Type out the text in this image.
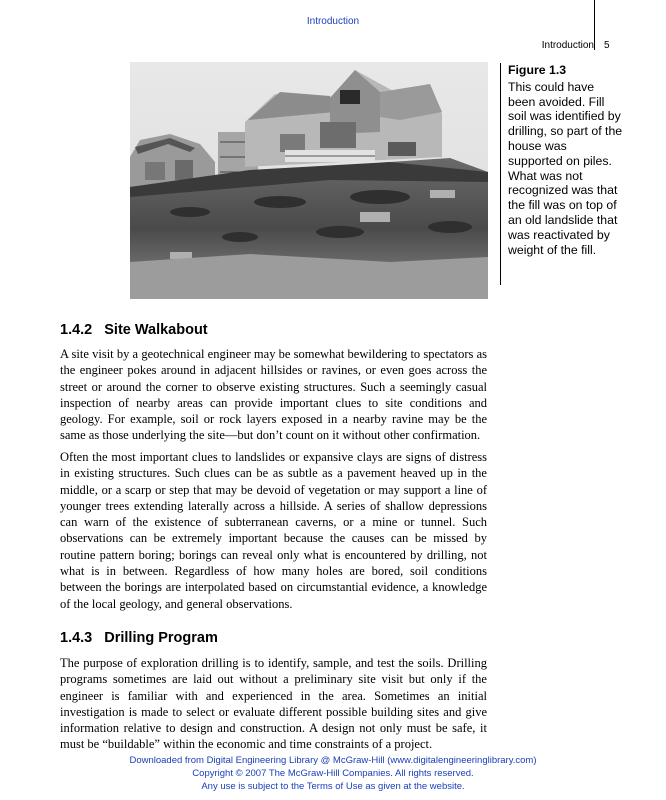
Introduction
Introduction 5
Figure 1.3

This could have been avoided. Fill soil was identified by drilling, so part of the house was supported on piles. What was not recognized was that the fill was on top of an old landslide that was reactivated by weight of the fill.

1.4.2 Site Walkabout

A site visit by a geotechnical engineer may be somewhat bewildering to spectators as the engineer pokes around in adjacent hillsides or ravines, or even goes across the street or around the corner to observe existing structures. Such a seemingly casual inspection of nearby areas can provide important clues to site conditions and geology. For example, soil or rock layers exposed in a nearby ravine may be the same as those underlying the site—but don’t count on it without other confirmation.

Often the most important clues to landslides or expansive clays are signs of distress in existing structures. Such clues can be as subtle as a pavement heaved up in the middle, or a scarp or step that may be devoid of vegetation or may support a line of younger trees extending laterally across a hillside. A series of shallow depressions can warn of the existence of subterranean caverns, or a mine or tunnel. Such observations can be extremely important because the causes can be missed by routine pattern boring; borings can reveal only what is encountered by drilling, not what is in between. Regardless of how many holes are bored, soil conditions between the borings are interpolated based on circumstantial evidence, a knowledge of the local geology, and general observations.

1.4.3 Drilling Program

The purpose of exploration drilling is to identify, sample, and test the soils. Drilling programs sometimes are laid out without a preliminary site visit but only if the engineer is familiar with and experienced in the area. Sometimes an initial investigation is made to select or evaluate different possible building sites and give information relative to design and construction. A design not only must be safe, it must be “buildable” within the economic and time constraints of a project.

Downloaded from Digital Engineering Library @ McGraw-Hill (www.digitalengineeringlibrary.com)
Copyright © 2007 The McGraw-Hill Companies. All rights reserved.
Any use is subject to the Terms of Use as given at the website.
